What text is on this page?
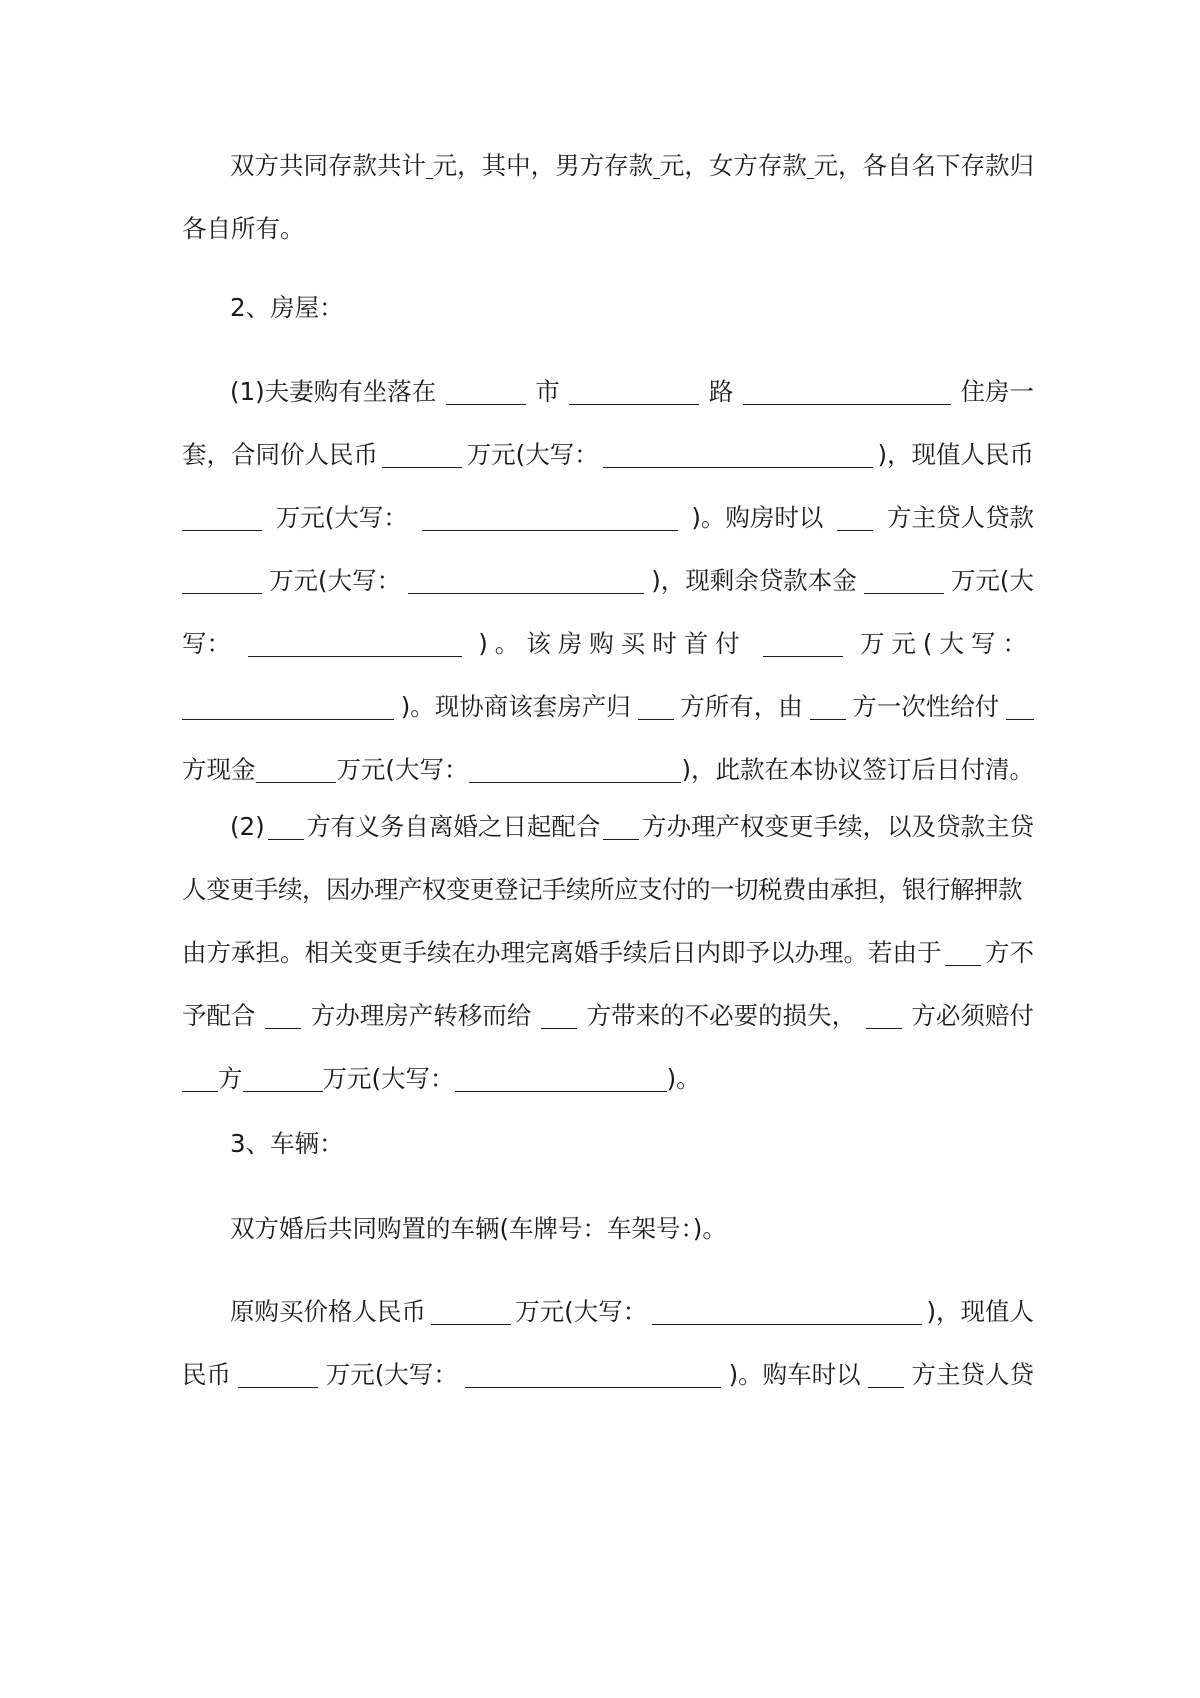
双方共同存款共计 元，其中，男方存款 元，女方存款 元，各自名下存款归
各自所有。
2、房屋：
(1)夫妻购有坐落在	市	路	住房一
套，合同价人民币	万元(大写：	)，现值人民币
万元(大写：	)。购房时以	方主贷人贷款
万元(大写：	)，现剩余贷款本金	万元(大
写：	)。该房购买时首付	万元(大写：
)。现协商该套房产归 方所有，由 方一次性给付
方现金	万元(大写：	)，此款在本协议签订后日付清。
(2) 方有义务自离婚之日起配合 方办理产权变更手续，以及贷款主贷
人变更手续，因办理产权变更登记手续所应支付的一切税费由承担，银行解押款
由方承担。相关变更手续在办理完离婚手续后日内即予以办理。若由于 方不
予配合 方办理房产转移而给 方带来的不必要的损失， 方必须赔付
方	万元(大写：	)。
3、车辆：
双方婚后共同购置的车辆(车牌号：车架号：)。
原购买价格人民币	万元(大写：	)，现值人
民币	万元(大写：	)。购车时以 方主贷人贷
